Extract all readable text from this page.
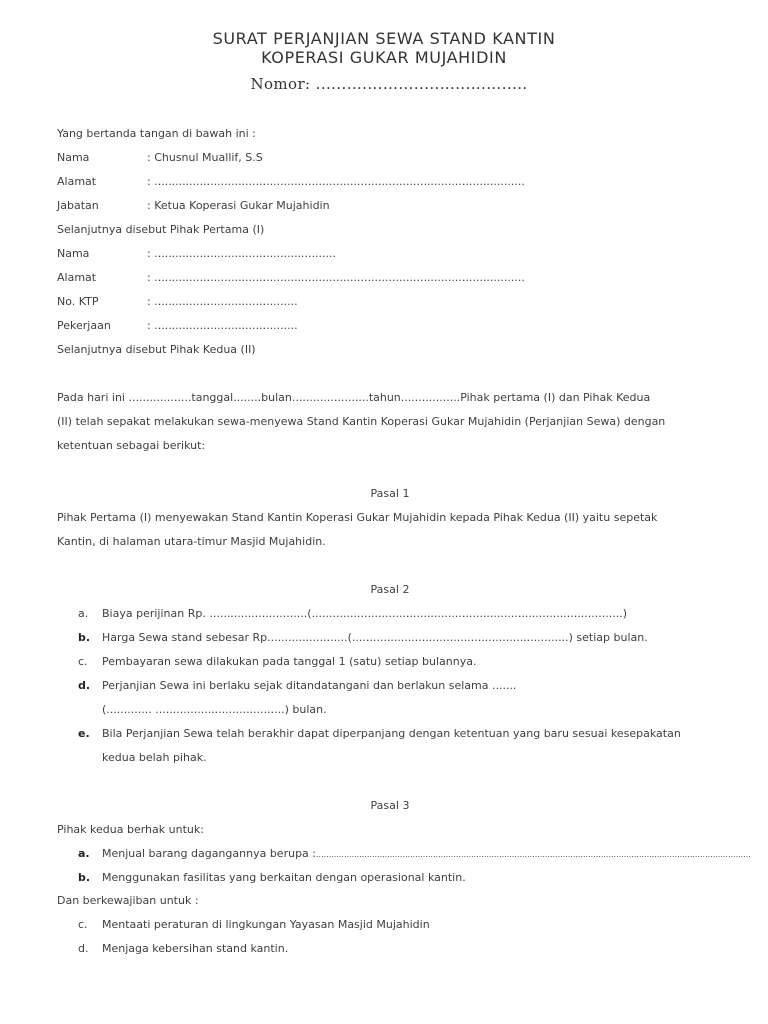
SURAT PERJANJIAN SEWA STAND KANTIN
KOPERASI GUKAR MUJAHIDIN
Nomor: .........................................
Yang bertanda tangan di bawah ini :
Nama	: Chusnul Muallif, S.S
Alamat	: ..........................................................................................................
Jabatan	: Ketua Koperasi Gukar Mujahidin
Selanjutnya disebut Pihak Pertama (I)
Nama	: ....................................................
Alamat	: ..........................................................................................................
No. KTP	: .........................................
Pekerjaan	: .........................................
Selanjutnya disebut Pihak Kedua (II)
Pada hari ini ..................tanggal........bulan......................tahun.................Pihak pertama (I) dan Pihak Kedua
(II) telah sepakat melakukan sewa-menyewa Stand Kantin Koperasi Gukar Mujahidin (Perjanjian Sewa) dengan
ketentuan sebagai berikut:
Pasal 1
Pihak Pertama (I) menyewakan Stand Kantin Koperasi Gukar Mujahidin kepada Pihak Kedua (II) yaitu sepetak
Kantin, di halaman utara-timur Masjid Mujahidin.
Pasal 2
a. Biaya perijinan Rp. ............................(.........................................................................................)
b. Harga Sewa stand sebesar Rp.......................(..............................................................) setiap bulan.
c. Pembayaran sewa dilakukan pada tanggal 1 (satu) setiap bulannya.
d. Perjanjian Sewa ini berlaku sejak ditandatangani dan berlakun selama .......
(............. .....................................) bulan.
e. Bila Perjanjian Sewa telah berakhir dapat diperpanjang dengan ketentuan yang baru sesuai kesepakatan
kedua belah pihak.
Pasal 3
Pihak kedua berhak untuk:
a. Menjual barang dagangannya berupa :...........................................................................................................................................................................
b. Menggunakan fasilitas yang berkaitan dengan operasional kantin.
Dan berkewajiban untuk :
c. Mentaati peraturan di lingkungan Yayasan Masjid Mujahidin
d. Menjaga kebersihan stand kantin.
